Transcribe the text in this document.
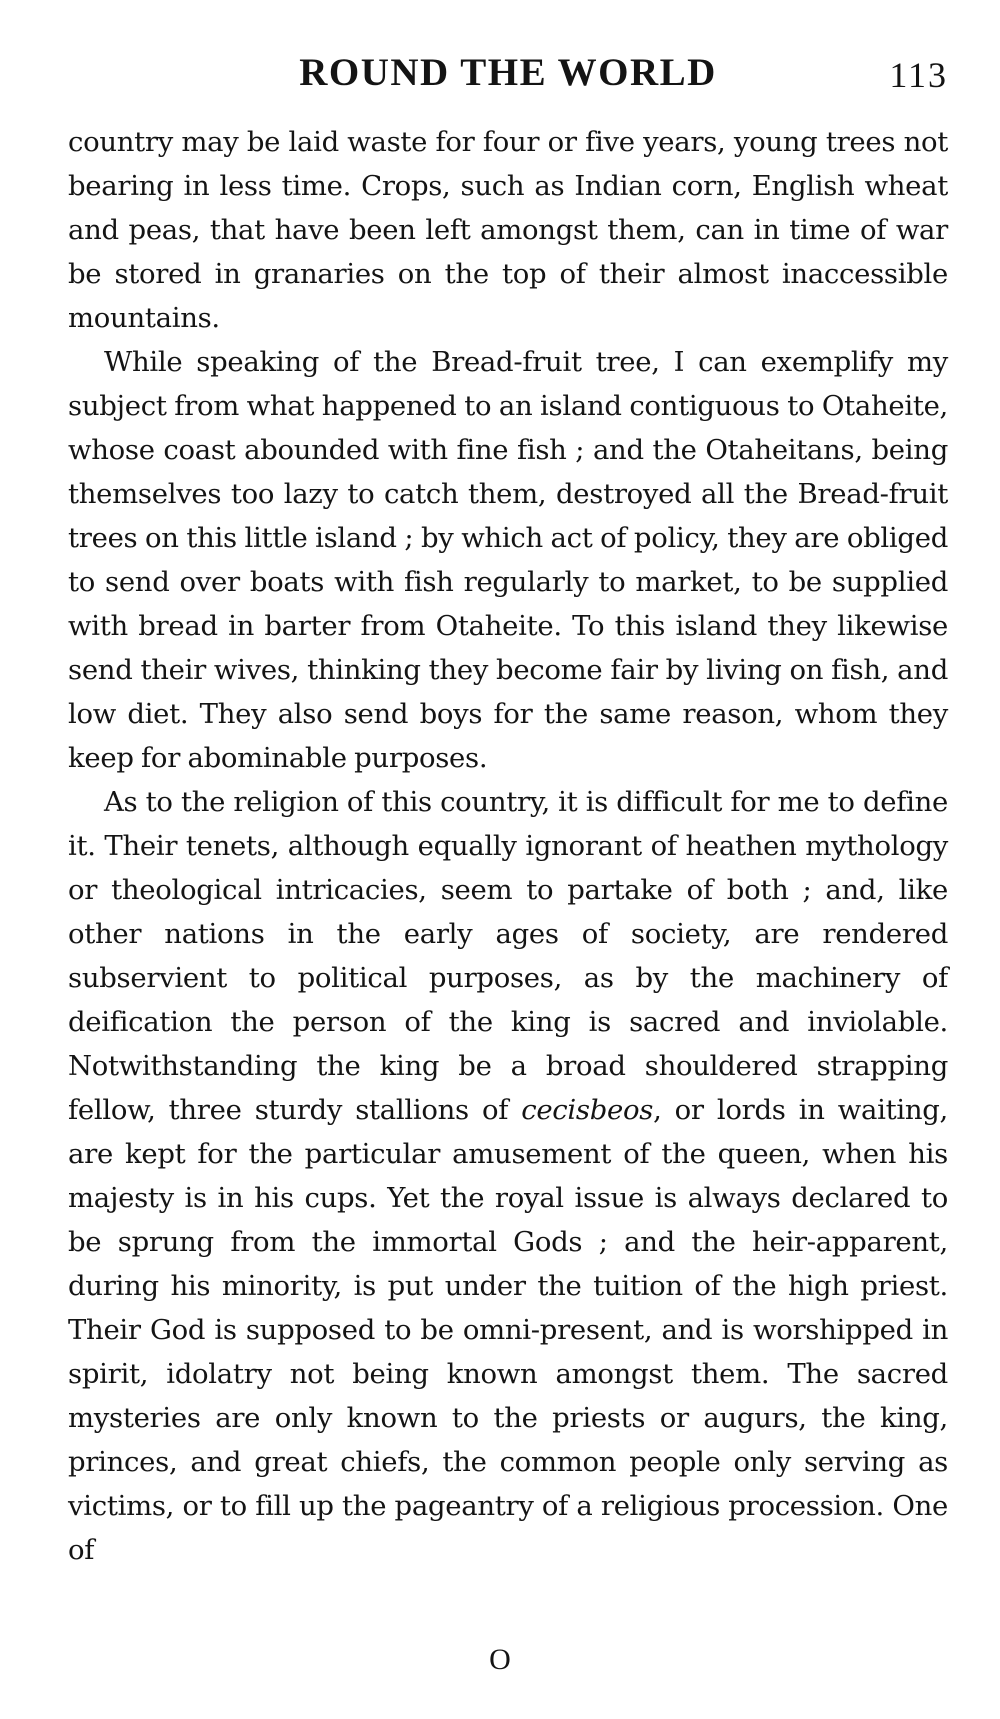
ROUND THE WORLD	113

country may be laid waste for four or five years, young trees not bearing in less time. Crops, such as Indian corn, English wheat and peas, that have been left amongst them, can in time of war be stored in granaries on the top of their almost inaccessible mountains.

While speaking of the Bread-fruit tree, I can exemplify my subject from what happened to an island contiguous to Otaheite, whose coast abounded with fine fish ; and the Otaheitans, being themselves too lazy to catch them, destroyed all the Bread-fruit trees on this little island ; by which act of policy, they are obliged to send over boats with fish regularly to market, to be supplied with bread in barter from Otaheite. To this island they likewise send their wives, thinking they become fair by living on fish, and low diet. They also send boys for the same reason, whom they keep for abominable purposes.

As to the religion of this country, it is difficult for me to define it. Their tenets, although equally ignorant of heathen mythology or theological intricacies, seem to partake of both ; and, like other nations in the early ages of society, are rendered subservient to political purposes, as by the machinery of deification the person of the king is sacred and inviolable. Notwithstanding the king be a broad shouldered strapping fellow, three sturdy stallions of cecisbeos, or lords in waiting, are kept for the particular amusement of the queen, when his majesty is in his cups. Yet the royal issue is always declared to be sprung from the immortal Gods ; and the heir-apparent, during his minority, is put under the tuition of the high priest. Their God is supposed to be omni-present, and is worshipped in spirit, idolatry not being known amongst them. The sacred mysteries are only known to the priests or augurs, the king, princes, and great chiefs, the common people only serving as victims, or to fill up the pageantry of a religious procession. One of

O
